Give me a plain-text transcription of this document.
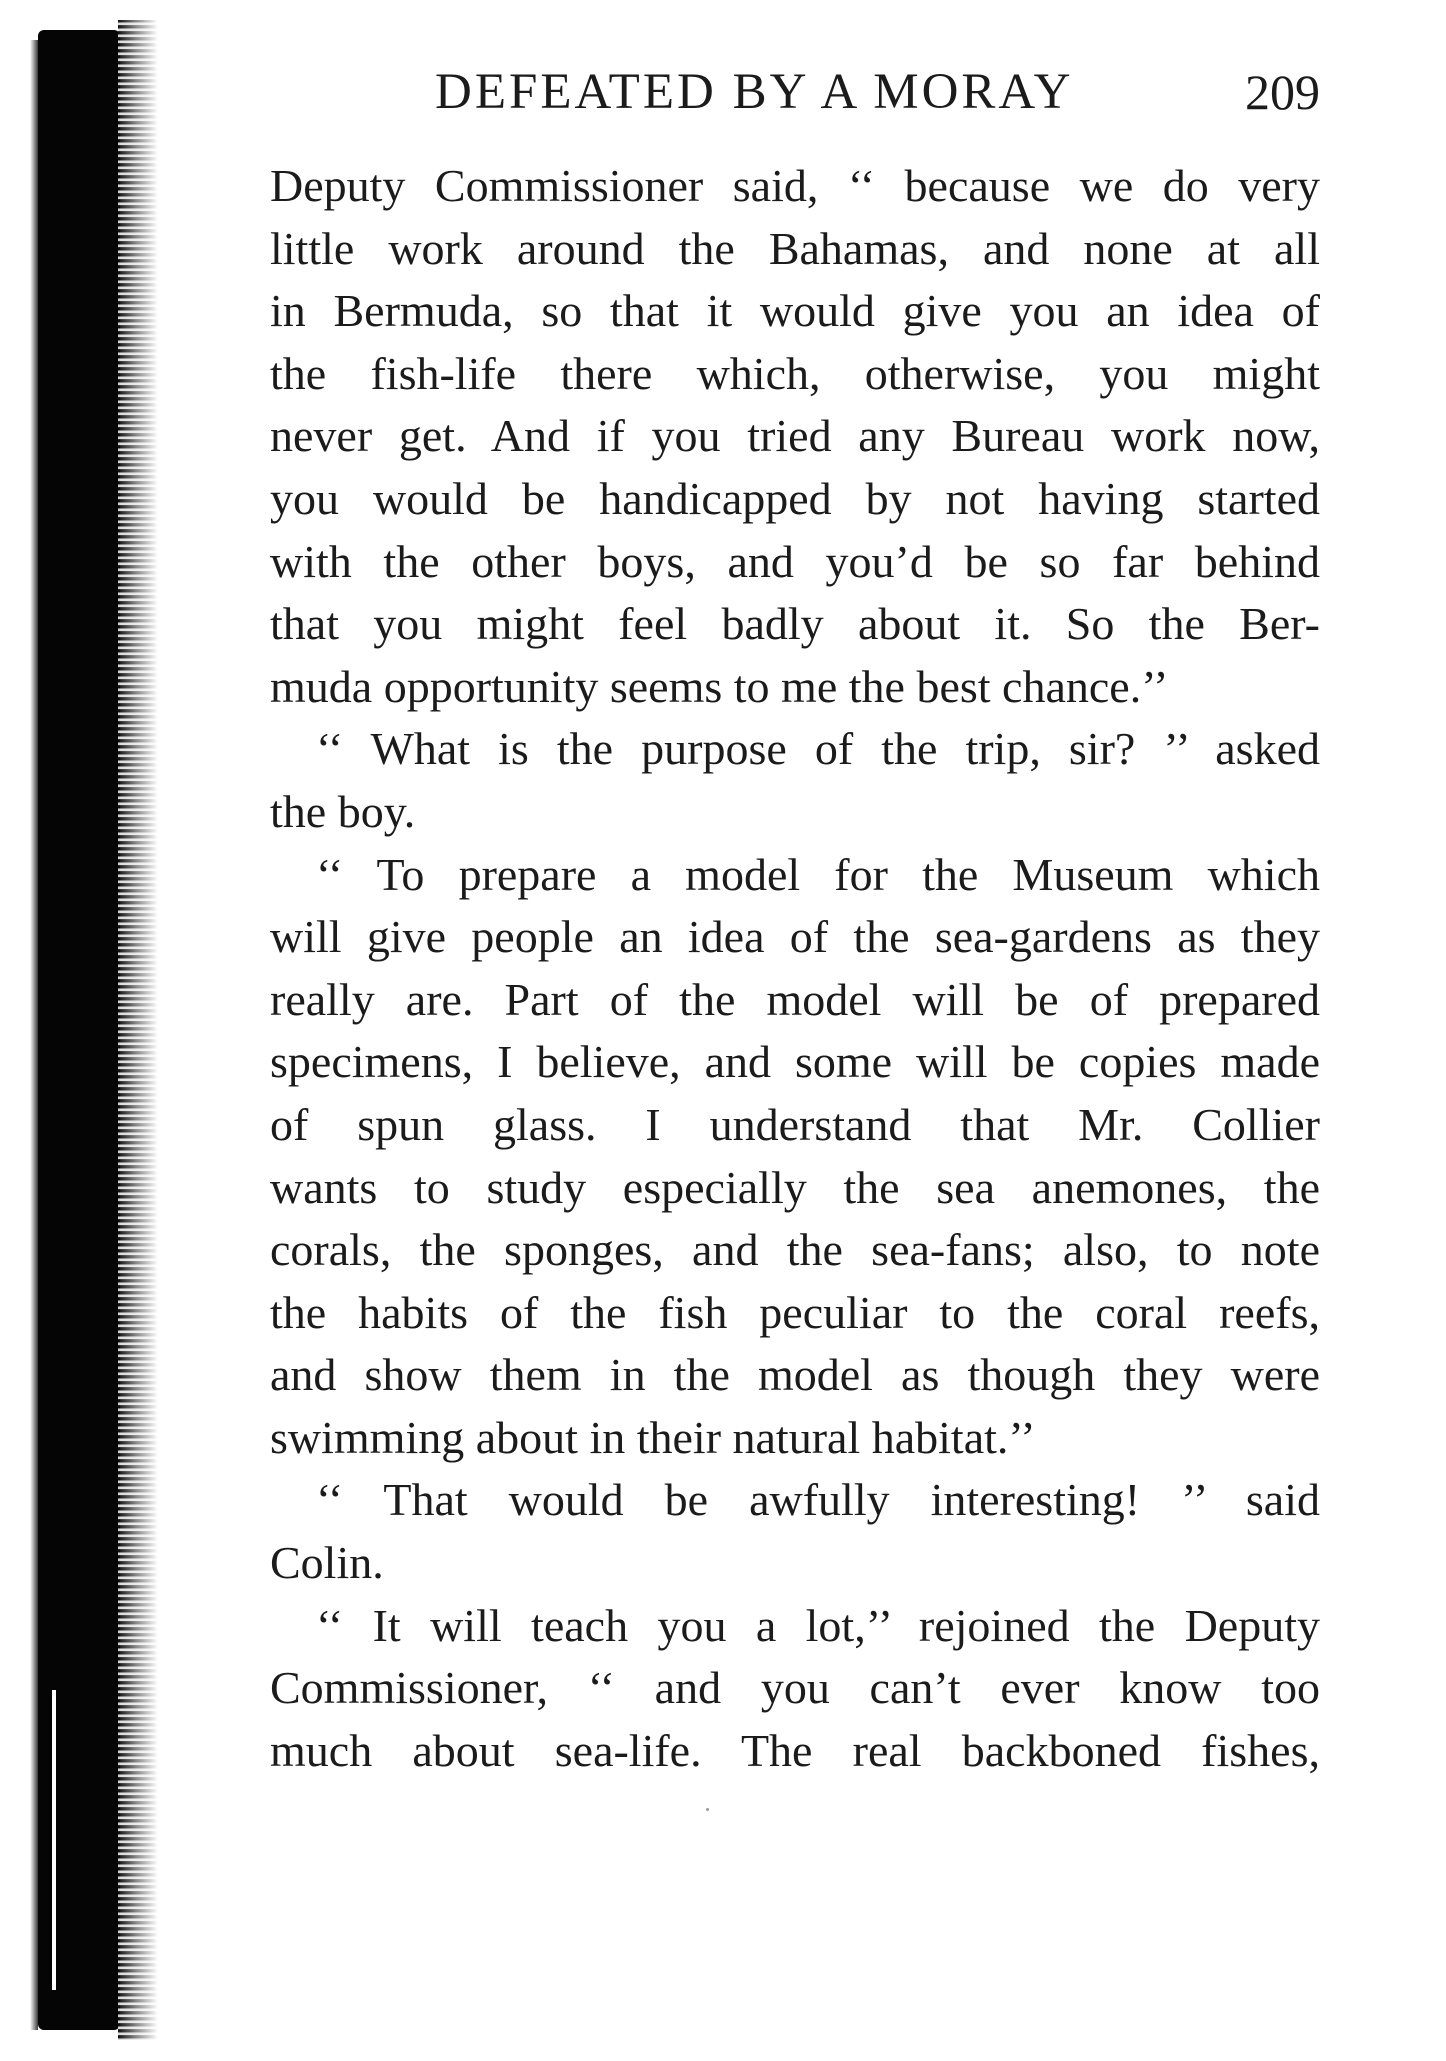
DEFEATED BY A MORAY	209
Deputy Commissioner said, ‘‘ because we do very
little work around the Bahamas, and none at all
in Bermuda, so that it would give you an idea of
the fish-life there which, otherwise, you might
never get. And if you tried any Bureau work now,
you would be handicapped by not having started
with the other boys, and you’d be so far behind
that you might feel badly about it. So the Ber-
muda opportunity seems to me the best chance.’’
‘‘ What is the purpose of the trip, sir? ’’ asked
the boy.
‘‘ To prepare a model for the Museum which
will give people an idea of the sea-gardens as they
really are. Part of the model will be of prepared
specimens, I believe, and some will be copies made
of spun glass. I understand that Mr. Collier
wants to study especially the sea anemones, the
corals, the sponges, and the sea-fans; also, to note
the habits of the fish peculiar to the coral reefs,
and show them in the model as though they were
swimming about in their natural habitat.’’
‘‘ That would be awfully interesting! ’’ said
Colin.
‘‘ It will teach you a lot,’’ rejoined the Deputy
Commissioner, ‘‘ and you can’t ever know too
much about sea-life. The real backboned fishes,
